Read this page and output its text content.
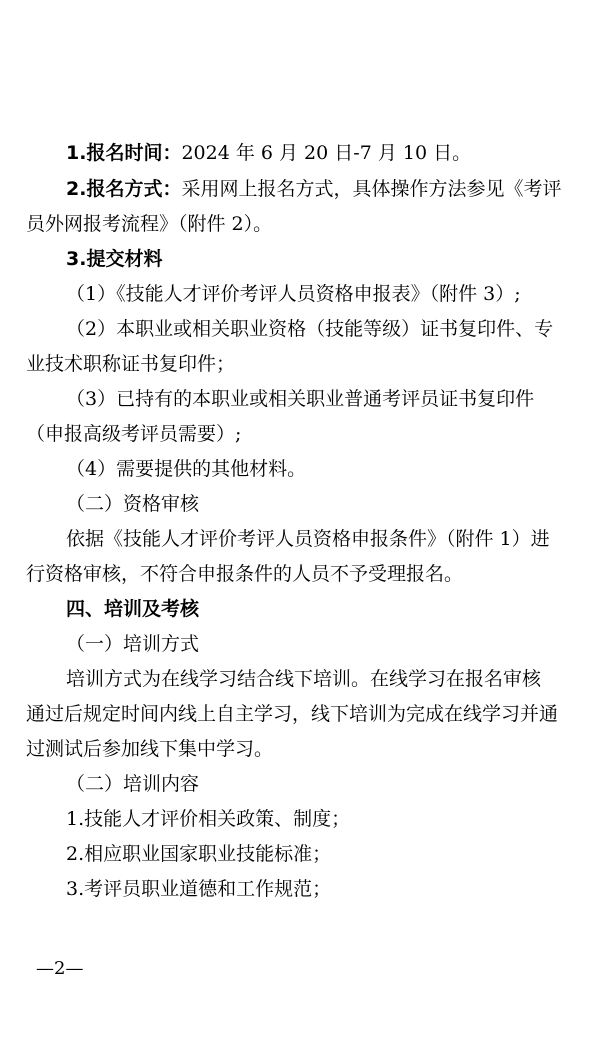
1.报名时间：2024 年 6 月 20 日-7 月 10 日。
2.报名方式：采用网上报名方式，具体操作方法参见《考评
员外网报考流程》（附件 2）。
3.提交材料
（1）《技能人才评价考评人员资格申报表》（附件 3）;
（2）本职业或相关职业资格（技能等级）证书复印件、专
业技术职称证书复印件；
（3）已持有的本职业或相关职业普通考评员证书复印件
（申报高级考评员需要）;
（4）需要提供的其他材料。
（二）资格审核
依据《技能人才评价考评人员资格申报条件》（附件 1）进
行资格审核，不符合申报条件的人员不予受理报名。
四、培训及考核
（一）培训方式
培训方式为在线学习结合线下培训。在线学习在报名审核
通过后规定时间内线上自主学习，线下培训为完成在线学习并通
过测试后参加线下集中学习。
（二）培训内容
1.技能人才评价相关政策、制度；
2.相应职业国家职业技能标准；
3.考评员职业道德和工作规范；
—2—
